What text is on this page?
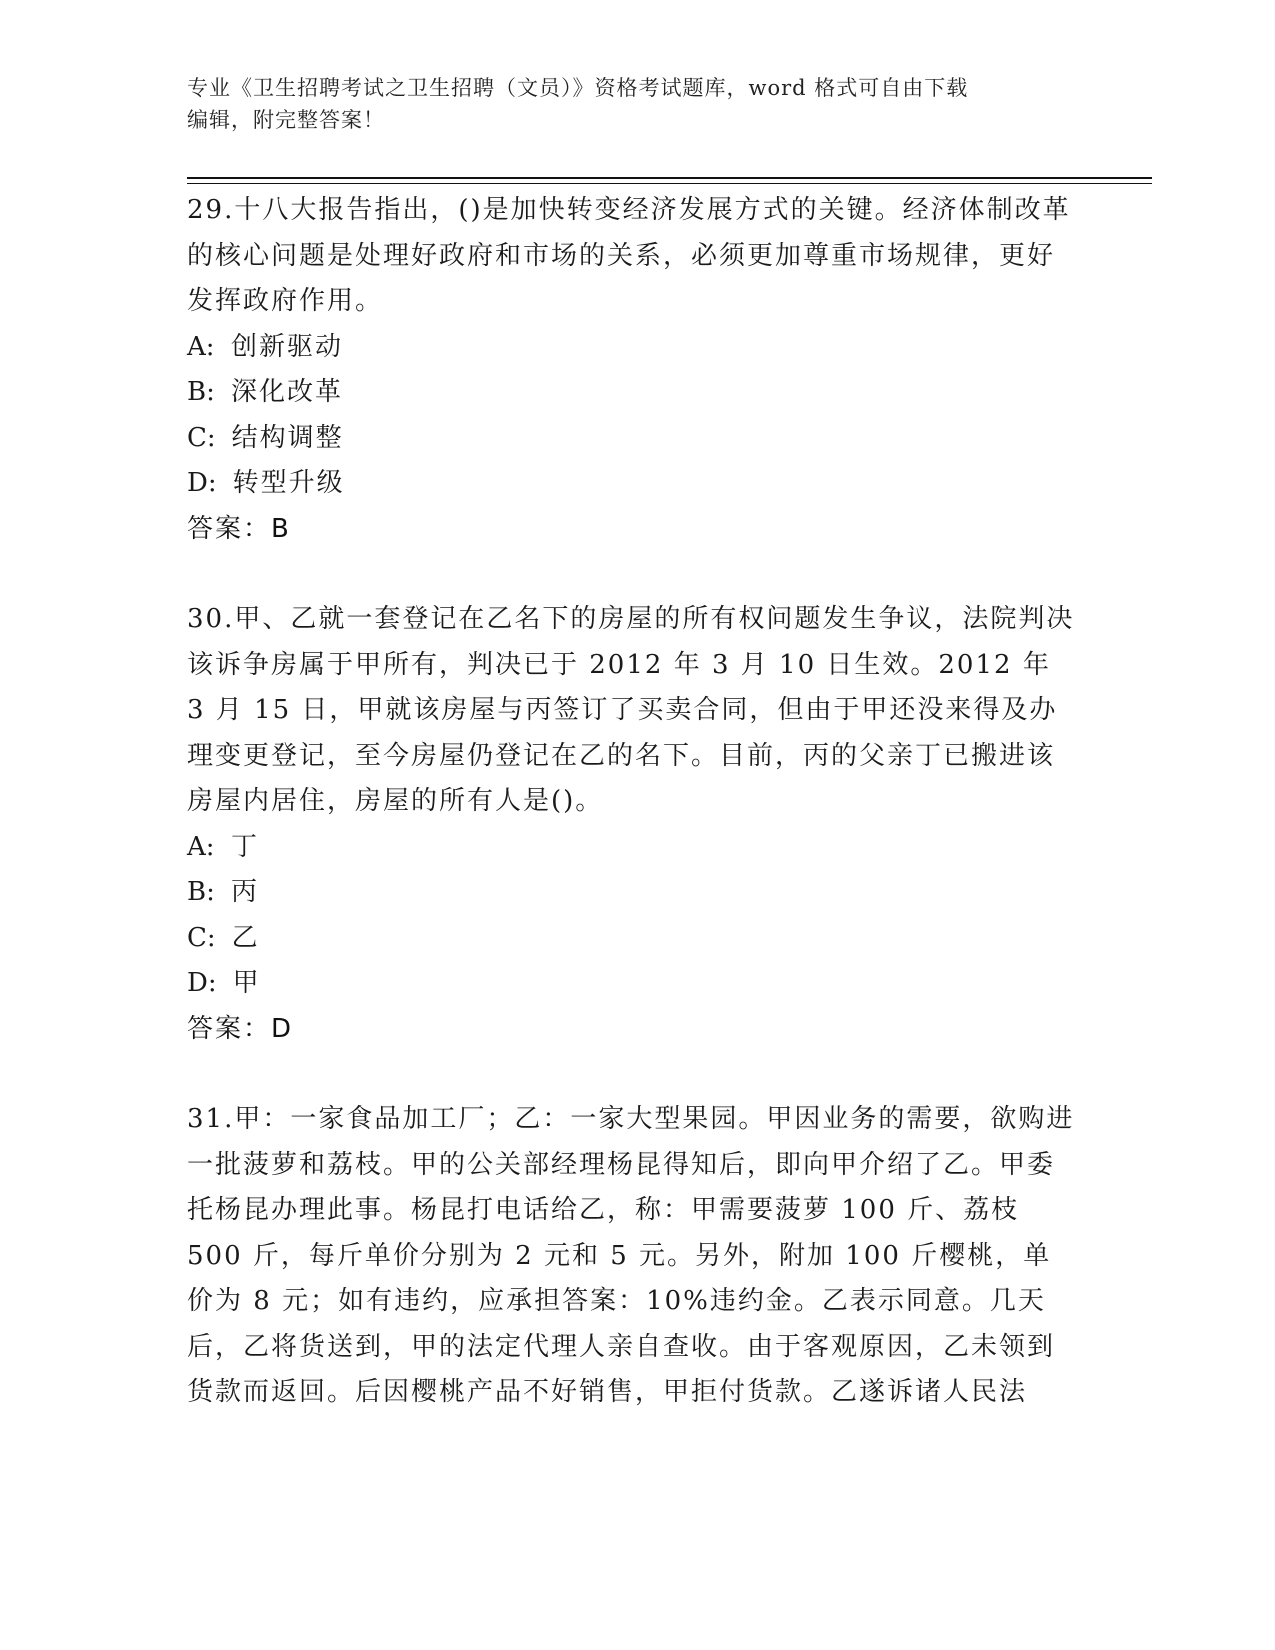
专业《卫生招聘考试之卫生招聘（文员）》资格考试题库，word 格式可自由下载
编辑，附完整答案！

29.十八大报告指出，()是加快转变经济发展方式的关键。经济体制改革的核心问题是处理好政府和市场的关系，必须更加尊重市场规律，更好发挥政府作用。

A: 创新驱动

B: 深化改革

C: 结构调整

D: 转型升级

答案：B

30.甲、乙就一套登记在乙名下的房屋的所有权问题发生争议，法院判决该诉争房属于甲所有，判决已于 2012 年 3 月 10 日生效。2012 年 3 月 15 日，甲就该房屋与丙签订了买卖合同，但由于甲还没来得及办理变更登记，至今房屋仍登记在乙的名下。目前，丙的父亲丁已搬进该房屋内居住，房屋的所有人是()。

A: 丁

B: 丙

C: 乙

D: 甲

答案：D

31.甲：一家食品加工厂；乙：一家大型果园。甲因业务的需要，欲购进一批菠萝和荔枝。甲的公关部经理杨昆得知后，即向甲介绍了乙。甲委托杨昆办理此事。杨昆打电话给乙，称：甲需要菠萝 100 斤、荔枝 500 斤，每斤单价分别为 2 元和 5 元。另外，附加 100 斤樱桃，单价为 8 元；如有违约，应承担答案：10%违约金。乙表示同意。几天后，乙将货送到，甲的法定代理人亲自查收。由于客观原因，乙未领到货款而返回。后因樱桃产品不好销售，甲拒付货款。乙遂诉诸人民法
